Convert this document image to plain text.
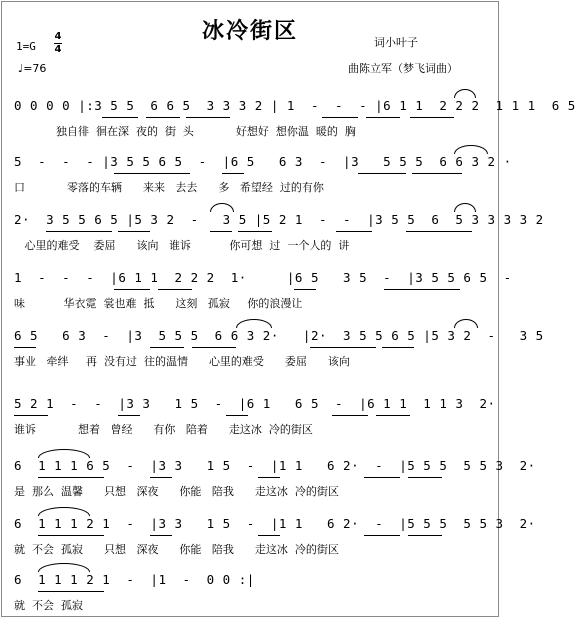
冰冷街区
1=G
4
4
♩=76
词小叶子
曲陈立军（梦飞词曲）
0 0 0 0 |:3 5 5  6 6 5  3 3 3 2 | 1  -  -  - |6 1 1  2 2 2  1 1 1  6 5
独自徘  徊在深  夜的  街  头            好想好  想你温  暖的  胸
5  -  -  - |3 5 5 6 5  -  |6 5   6 3  -  |3   5 5 5  6 6 3 2 ·
口            零落的车辆      来来   去去      多   希望经  过的有你
2·  3 5 5 6 5 |5 3 2  -   3 5 |5 2 1  -  -  |3 5 5  6  5 3 3 3 3 2
心里的难受    委屈      该向   谁诉           你可想  过  一个人的  讲
1  -  -  -  |6 1 1  2 2 2  1·     |6 5   3 5  -  |3 5 5 6 5  -
味           华衣霓  裳也难  抵      这刻   孤寂     你的浪漫让
6 5   6 3  -  |3  5 5 5  6 6 3 2·   |2·  3 5 5 6 5 |5 3 2  -   3 5
事业   牵绊     再  没有过  往的温情      心里的难受      委屈      该向
5 2 1  -  -  |3 3   1 5  -  |6 1   6 5  -  |6 1 1  1 1 3  2·
谁诉            想着   曾经      有你   陪着      走这冰  冷的街区
6  1 1 1 6 5  -  |3 3   1 5  -  |1 1   6 2·  -  |5 5 5  5 5 3  2·
是  那么  温馨      只想   深夜      你能   陪我      走这冰  冷的街区
6  1 1 1 2 1  -  |3 3   1 5  -  |1 1   6 2·  -  |5 5 5  5 5 3  2·
就  不会  孤寂      只想   深夜      你能   陪我      走这冰  冷的街区
6  1 1 1 2 1  -  |1  -  0 0 :|
就  不会  孤寂
